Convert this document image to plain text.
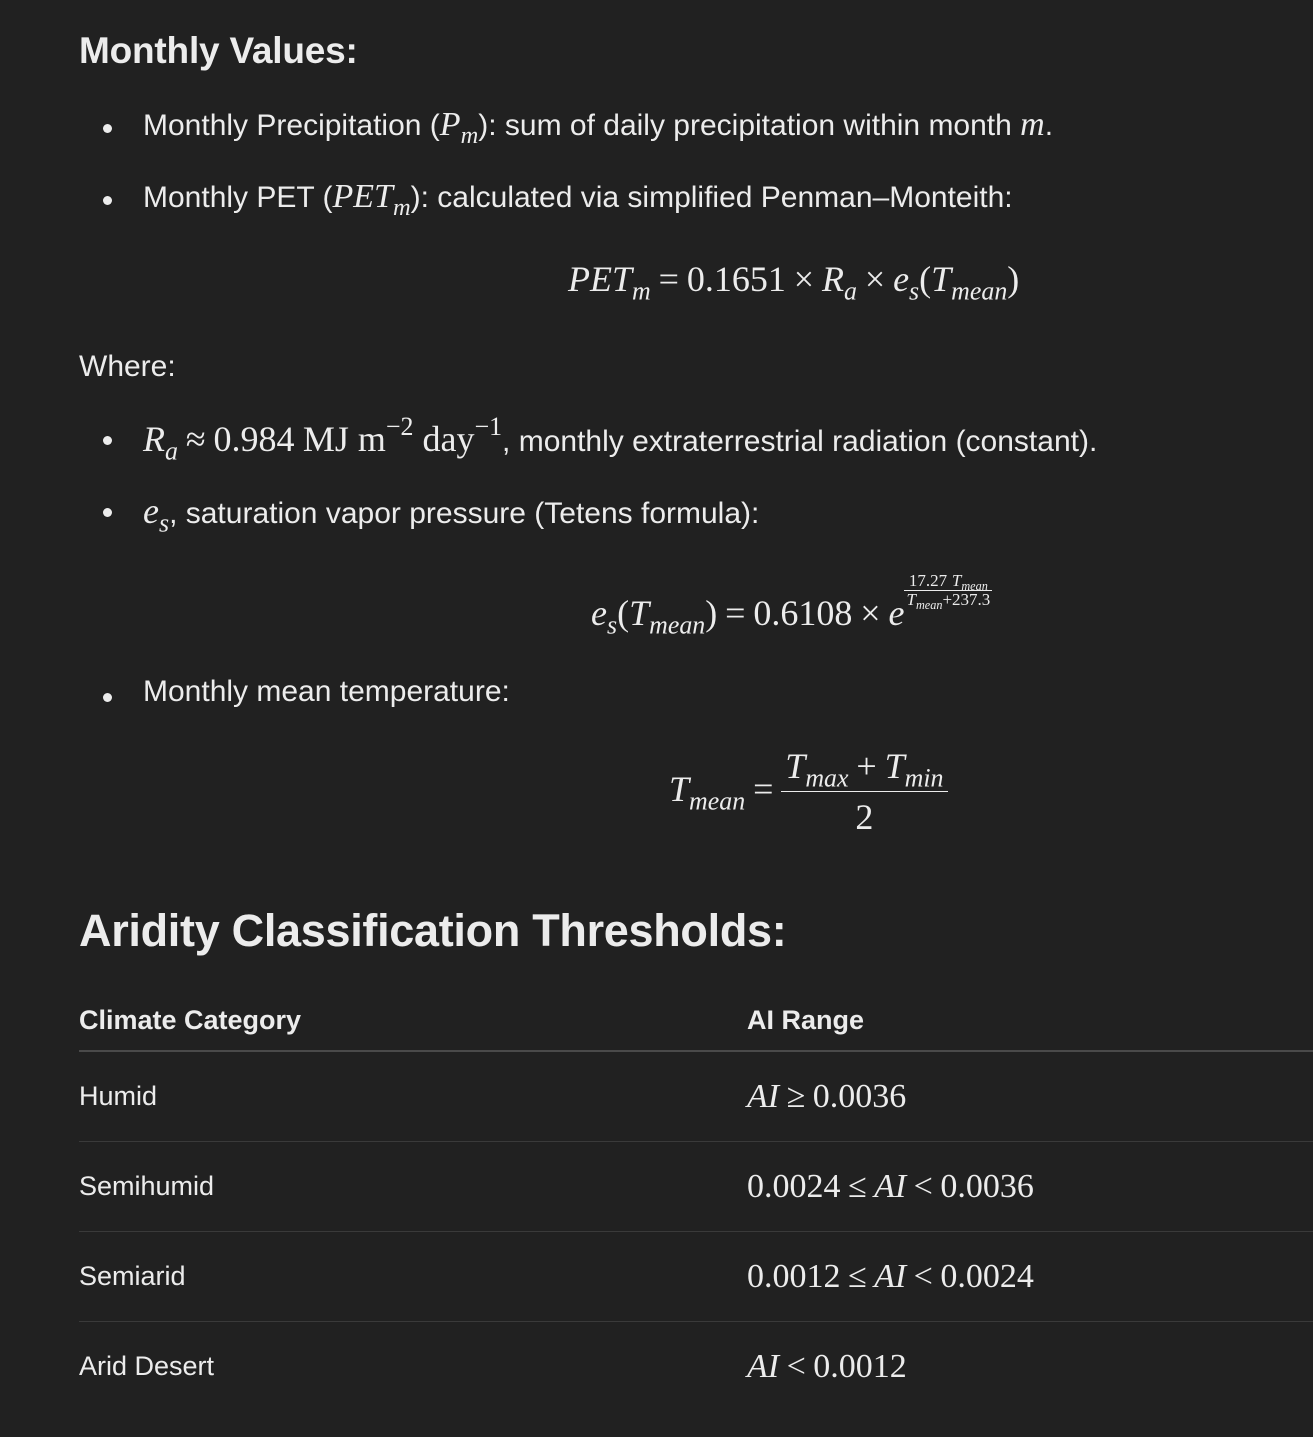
Monthly Values:
Monthly Precipitation $(P_m)$: sum of daily precipitation within month m.
Monthly PET $(PET_m)$: calculated via simplified Penman–Monteith:
$PET_m = 0.1651 \times R_a \times e_s(T_{mean})$
Where:
$R_a \approx 0.984$ MJ $m^{-2}$ day$^{-1}$, monthly extraterrestrial radiation (constant).
$e_s$, saturation vapor pressure (Tetens formula):
$e_s(T_{mean}) = 0.6108 \times e$
17.27 $T_{mean}$
$T_{mean}+237.3$
Monthly mean temperature:
$T_{mean} = \frac{T_{max} + T_{min}}{2}$
Aridity Classification Thresholds:
Climate Category	AI Range
Humid	AI ≥ 0.0036
Semihumid	0.0024 ≤ AI < 0.0036
Semiarid	0.0012 ≤ AI < 0.0024
Arid Desert	AI < 0.0012
